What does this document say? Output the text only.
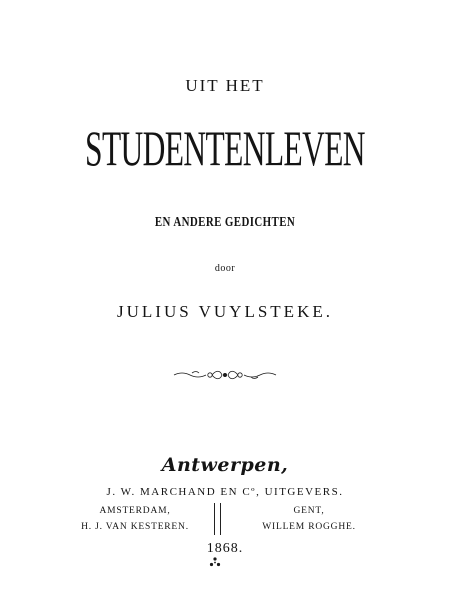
UIT HET
STUDENTENLEVEN
EN ANDERE GEDICHTEN
door
JULIUS VUYLSTEKE.
Antwerpen,
J. W. MARCHAND EN Cº, UITGEVERS.
AMSTERDAM,
H. J. VAN KESTEREN.
GENT,
WILLEM ROGGHE.
1868.
